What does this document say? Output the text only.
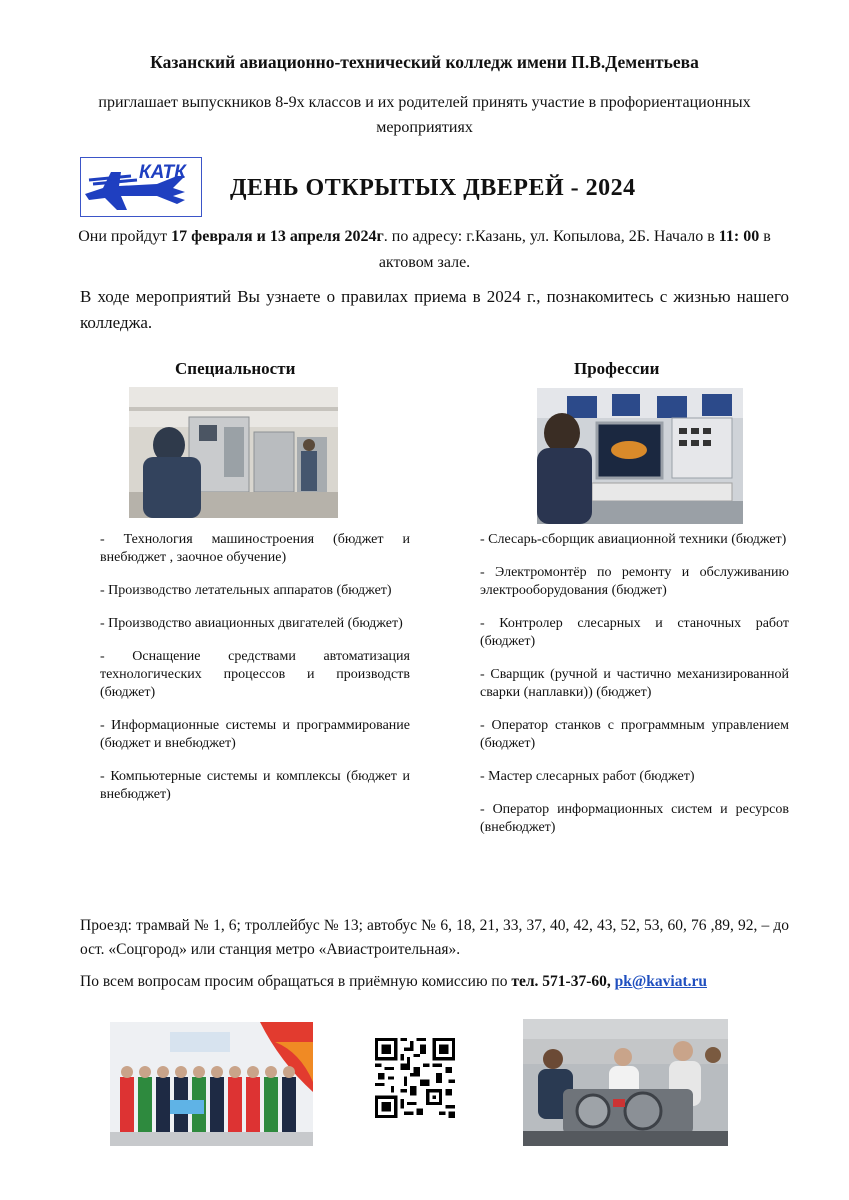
Казанский авиационно-технический колледж имени П.В.Дементьева
приглашает выпускников 8-9х классов и их родителей принять участие в профориентационных мероприятиях
КАТК
ДЕНЬ ОТКРЫТЫХ ДВЕРЕЙ - 2024
Они пройдут 17 февраля и 13 апреля 2024г. по адресу: г.Казань, ул. Копылова, 2Б. Начало в 11: 00 в актовом зале.
В ходе мероприятий Вы узнаете о правилах приема в 2024 г., познакомитесь с жизнью нашего колледжа.
Специальности	Профессии
- Технология машиностроения (бюджет и внебюджет , заочное обучение)
- Производство летательных аппаратов (бюджет)
- Производство авиационных двигателей (бюджет)
- Оснащение средствами автоматизация технологических процессов и производств (бюджет)
- Информационные системы и программирование (бюджет и внебюджет)
- Компьютерные системы и комплексы (бюджет и внебюджет)
- Слесарь-сборщик авиационной техники (бюджет)
- Электромонтёр по ремонту и обслуживанию электрооборудования (бюджет)
- Контролер слесарных и станочных работ (бюджет)
- Сварщик (ручной и частично механизированной сварки (наплавки)) (бюджет)
- Оператор станков с программным управлением (бюджет)
- Мастер слесарных работ (бюджет)
- Оператор информационных систем и ресурсов (внебюджет)
Проезд: трамвай № 1, 6; троллейбус № 13; автобус № 6, 18, 21, 33, 37, 40, 42, 43, 52, 53, 60, 76 ,89, 92, – до ост. «Соцгород» или станция метро «Авиастроительная».
По всем вопросам просим обращаться в приёмную комиссию по тел. 571-37-60, pk@kaviat.ru
